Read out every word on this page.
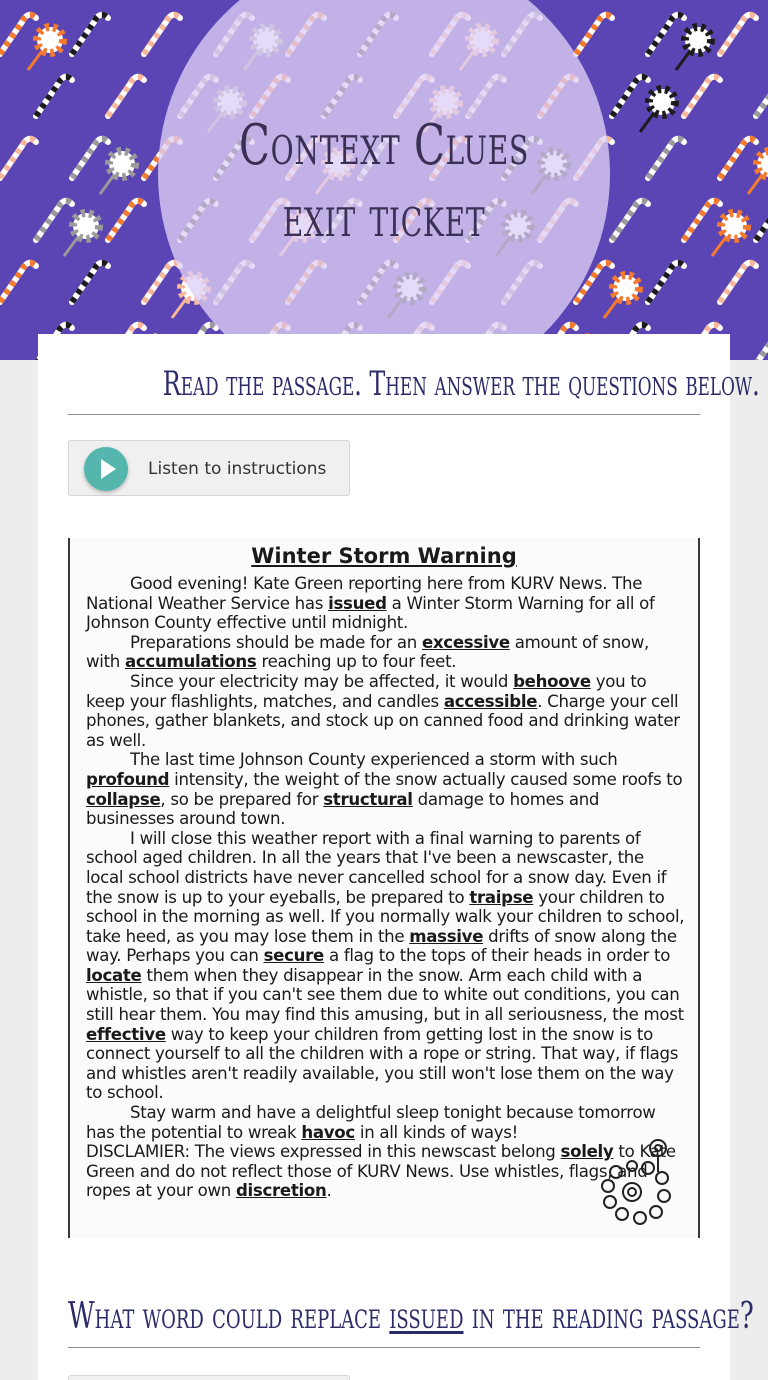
Context Clues exit ticket
Read the passage. Then answer the questions below.
Listen to instructions
Winter Storm Warning

Good evening! Kate Green reporting here from KURV News. The National Weather Service has issued a Winter Storm Warning for all of Johnson County effective until midnight.

Preparations should be made for an excessive amount of snow, with accumulations reaching up to four feet.

Since your electricity may be affected, it would behoove you to keep your flashlights, matches, and candles accessible. Charge your cell phones, gather blankets, and stock up on canned food and drinking water as well.

The last time Johnson County experienced a storm with such profound intensity, the weight of the snow actually caused some roofs to collapse, so be prepared for structural damage to homes and businesses around town.

I will close this weather report with a final warning to parents of school aged children. In all the years that I've been a newscaster, the local school districts have never cancelled school for a snow day. Even if the snow is up to your eyeballs, be prepared to traipse your children to school in the morning as well. If you normally walk your children to school, take heed, as you may lose them in the massive drifts of snow along the way. Perhaps you can secure a flag to the tops of their heads in order to locate them when they disappear in the snow. Arm each child with a whistle, so that if you can't see them due to white out conditions, you can still hear them. You may find this amusing, but in all seriousness, the most effective way to keep your children from getting lost in the snow is to connect yourself to all the children with a rope or string. That way, if flags and whistles aren't readily available, you still won't lose them on the way to school.

Stay warm and have a delightful sleep tonight because tomorrow has the potential to wreak havoc in all kinds of ways!

DISCLAMIER: The views expressed in this newscast belong solely to Kate Green and do not reflect those of KURV News. Use whistles, flags, and ropes at your own discretion.

What word could replace issued in the reading passage?
